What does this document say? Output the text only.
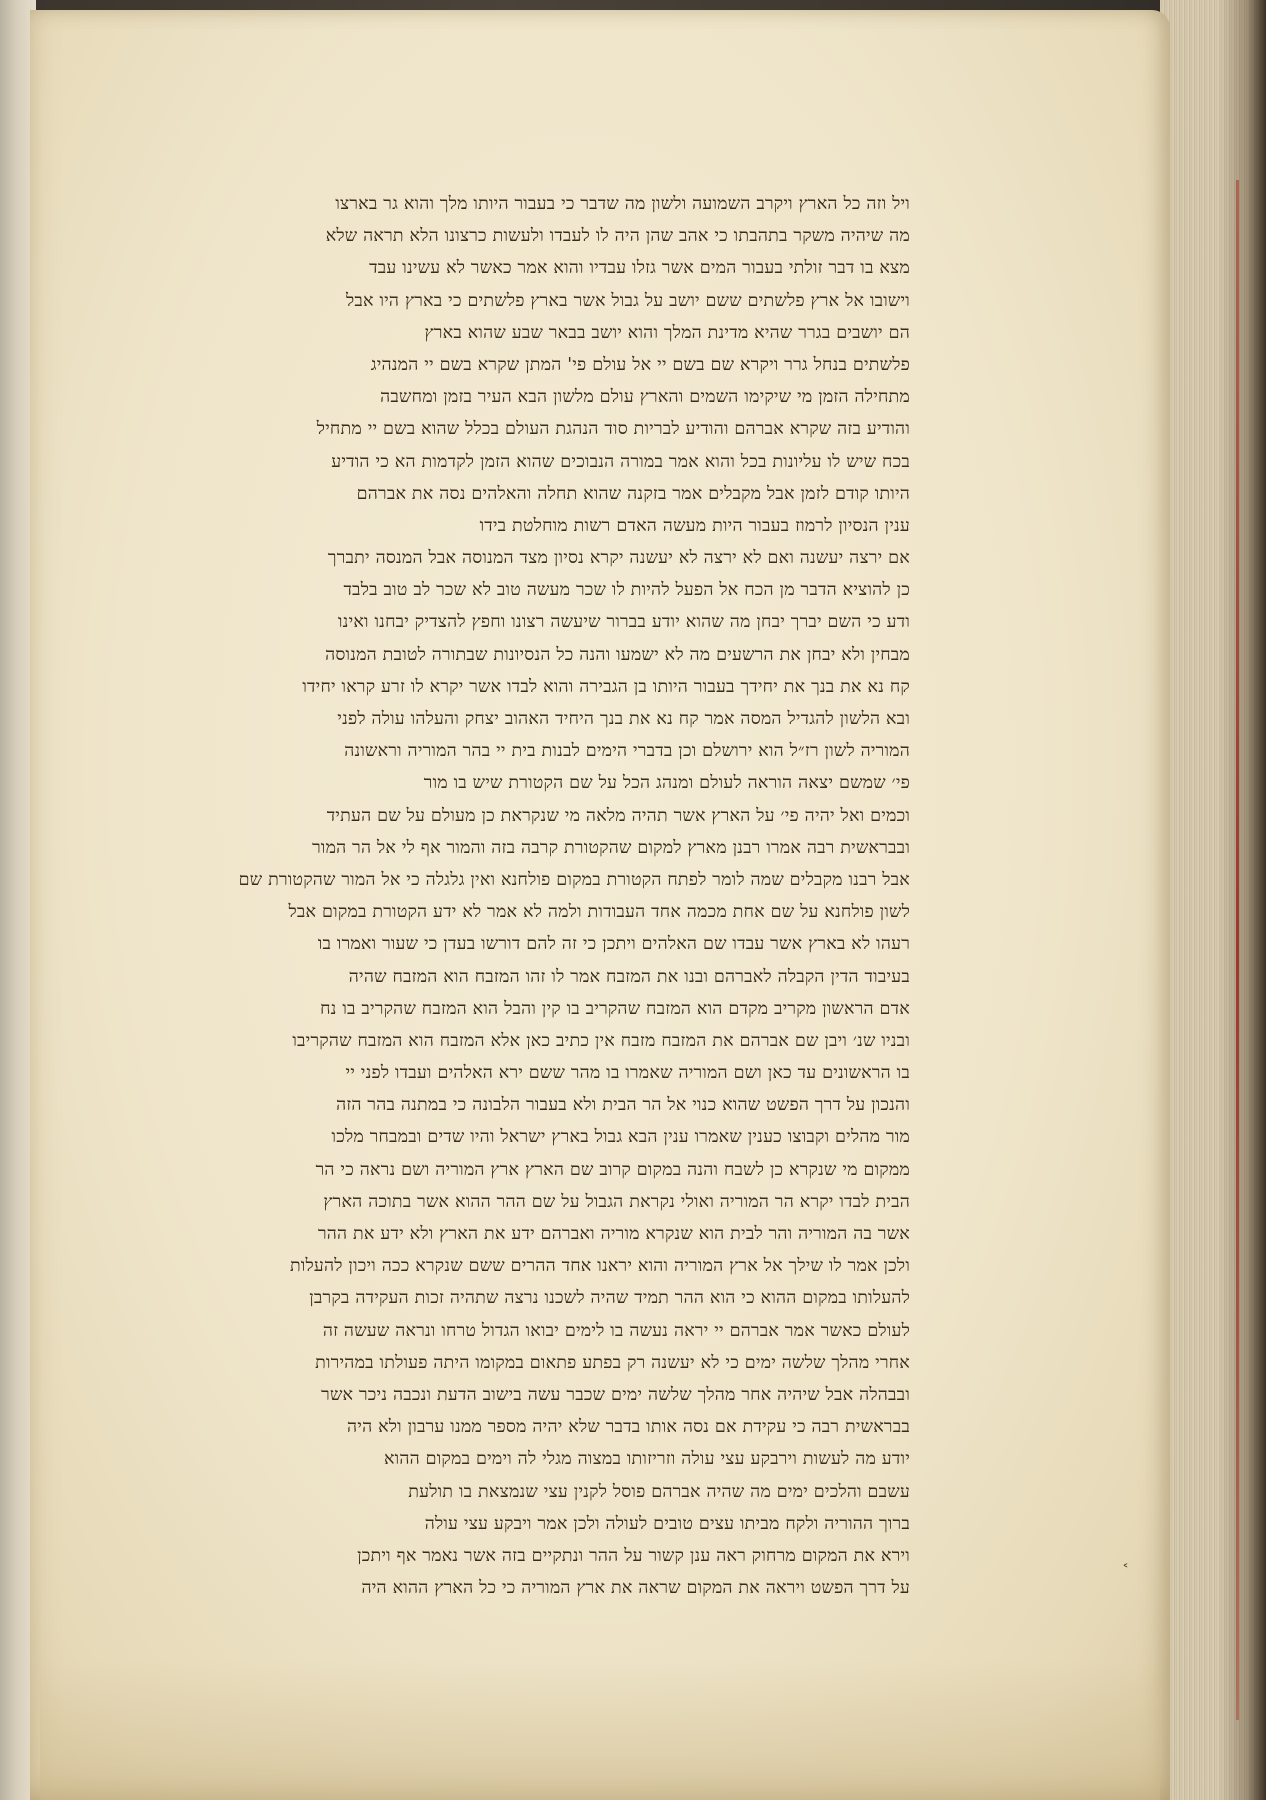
ויל וזה כל הארץ ויקרב השמועה ולשון מה שדבר כי בעבור היותו מלך והוא גר בארצו
מה שיהיה משקר בתהבתו כי אהב שהן היה לו לעבדו ולעשות כרצונו הלא תראה שלא
מצא בו דבר זולתי בעבור המים אשר גזלו עבדיו והוא אמר כאשר לא עשינו עבד
וישובו אל ארץ פלשתים ששם יושב על גבול אשר בארץ פלשתים כי בארץ היו אבל
הם יושבים בגרר שהיא מדינת המלך והוא יושב בבאר שבע שהוא בארץ
פלשתים בנחל גרר ויקרא שם בשם יי אל עולם פי' המתן שקרא בשם יי המנהיג
מתחילה הזמן מי שיקימו השמים והארץ עולם מלשון הבא העיר בזמן ומחשבה
והודיע בזה שקרא אברהם והודיע לבריות סוד הנהגת העולם בכלל שהוא בשם יי מתחיל
בכח שיש לו עליונות בכל והוא אמר במורה הנבוכים שהוא הזמן לקדמות הא כי הודיע
היותו קודם לזמן אבל מקבלים אמר בזקנה שהוא תחלה והאלהים נסה את אברהם
ענין הנסיון לרמוז בעבור היות מעשה האדם רשות מוחלטת בידו
אם ירצה יעשנה ואם לא ירצה לא יעשנה יקרא נסיון מצד המנוסה אבל המנסה יתברך
כן להוציא הדבר מן הכח אל הפעל להיות לו שכר מעשה טוב לא שכר לב טוב בלבד
ודע כי השם יברך יבחן מה שהוא יודע בברור שיעשה רצונו וחפץ להצדיק יבחנו ואינו
מבחין ולא יבחן את הרשעים מה לא ישמעו והנה כל הנסיונות שבתורה לטובת המנוסה
קח נא את בנך את יחידך בעבור היותו בן הגבירה והוא לבדו אשר יקרא לו זרע קראו יחידו
ובא הלשון להגדיל המסה אמר קח נא את בנך היחיד האהוב יצחק והעלהו עולה לפני
המוריה לשון רז״ל הוא ירושלם וכן בדברי הימים לבנות בית יי בהר המוריה וראשונה
פי׳ שמשם יצאה הוראה לעולם ומנהג הכל על שם הקטורת שיש בו מור
וכמים ואל יהיה פי׳ על הארץ אשר תהיה מלאה מי שנקראת כן מעולם על שם העתיד
ובבראשית רבה אמרו רבנן מארץ למקום שהקטורת קרבה בזה והמור אף לי אל הר המור
אבל רבנו מקבלים שמה לומר לפתח הקטורת במקום פולחנא ואין גלגלה כי אל המור שהקטורת שם
לשון פולחנא על שם אחת מכמה אחד העבודות ולמה לא אמר לא ידע הקטורת במקום אבל
רעהו לא בארץ אשר עבדו שם האלהים ויתכן כי זה להם דורשו בעדן כי שעור ואמרו בו
בעיבוד הדין הקבלה לאברהם ובנו את המזבח אמר לו זהו המזבח הוא המזבח שהיה
אדם הראשון מקריב מקדם הוא המזבח שהקריב בו קין והבל הוא המזבח שהקריב בו נח
ובניו שנ׳ ויבן שם אברהם את המזבח מזבח אין כתיב כאן אלא המזבח הוא המזבח שהקריבו
בו הראשונים עד כאן ושם המוריה שאמרו בו מהר ששם ירא האלהים ועבדו לפני יי
והנכון על דרך הפשט שהוא כנוי אל הר הבית ולא בעבור הלבונה כי במתנה בהר הזה
מור מהלים וקבוצו כענין שאמרו ענין הבא גבול בארץ ישראל והיו שדים ובמבחר מלכו
ממקום מי שנקרא כן לשבח והנה במקום קרוב שם הארץ ארץ המוריה ושם נראה כי הר
הבית לבדו יקרא הר המוריה ואולי נקראת הגבול על שם ההר ההוא אשר בתוכה הארץ
אשר בה המוריה והר לבית הוא שנקרא מוריה ואברהם ידע את הארץ ולא ידע את ההר
ולכן אמר לו שילך אל ארץ המוריה והוא יראנו אחד ההרים ששם שנקרא ככה ויכון להעלות
להעלותו במקום ההוא כי הוא ההר תמיד שהיה לשכנו נרצה שתהיה זכות העקידה בקרבן
לעולם כאשר אמר אברהם יי יראה נעשה בו לימים יבואו הגדול טרחו ונראה שעשה זה
אחרי מהלך שלשה ימים כי לא יעשנה רק בפתע פתאום במקומו היתה פעולתו במהירות
ובבהלה אבל שיהיה אחר מהלך שלשה ימים שכבר עשה בישוב הדעת ונכבה ניכר אשר
בבראשית רבה כי עקידת אם נסה אותו בדבר שלא יהיה מספר ממנו ערבון ולא היה
יודע מה לעשות וירבקע עצי עולה וזריזותו במצוה מגלי לה וימים במקום ההוא
עשבם והלכים ימים מה שהיה אברהם פוסל לקנין עצי שנמצאת בו תולעת
ברוך ההוריה ולקח מביתו עצים טובים לעולה ולכן אמר ויבקע עצי עולה
וירא את המקום מרחוק ראה ענן קשור על ההר ונתקיים בזה אשר נאמר אף ויתכן
על דרך הפשט ויראה את המקום שראה את ארץ המוריה כי כל הארץ ההוא היה
˂
